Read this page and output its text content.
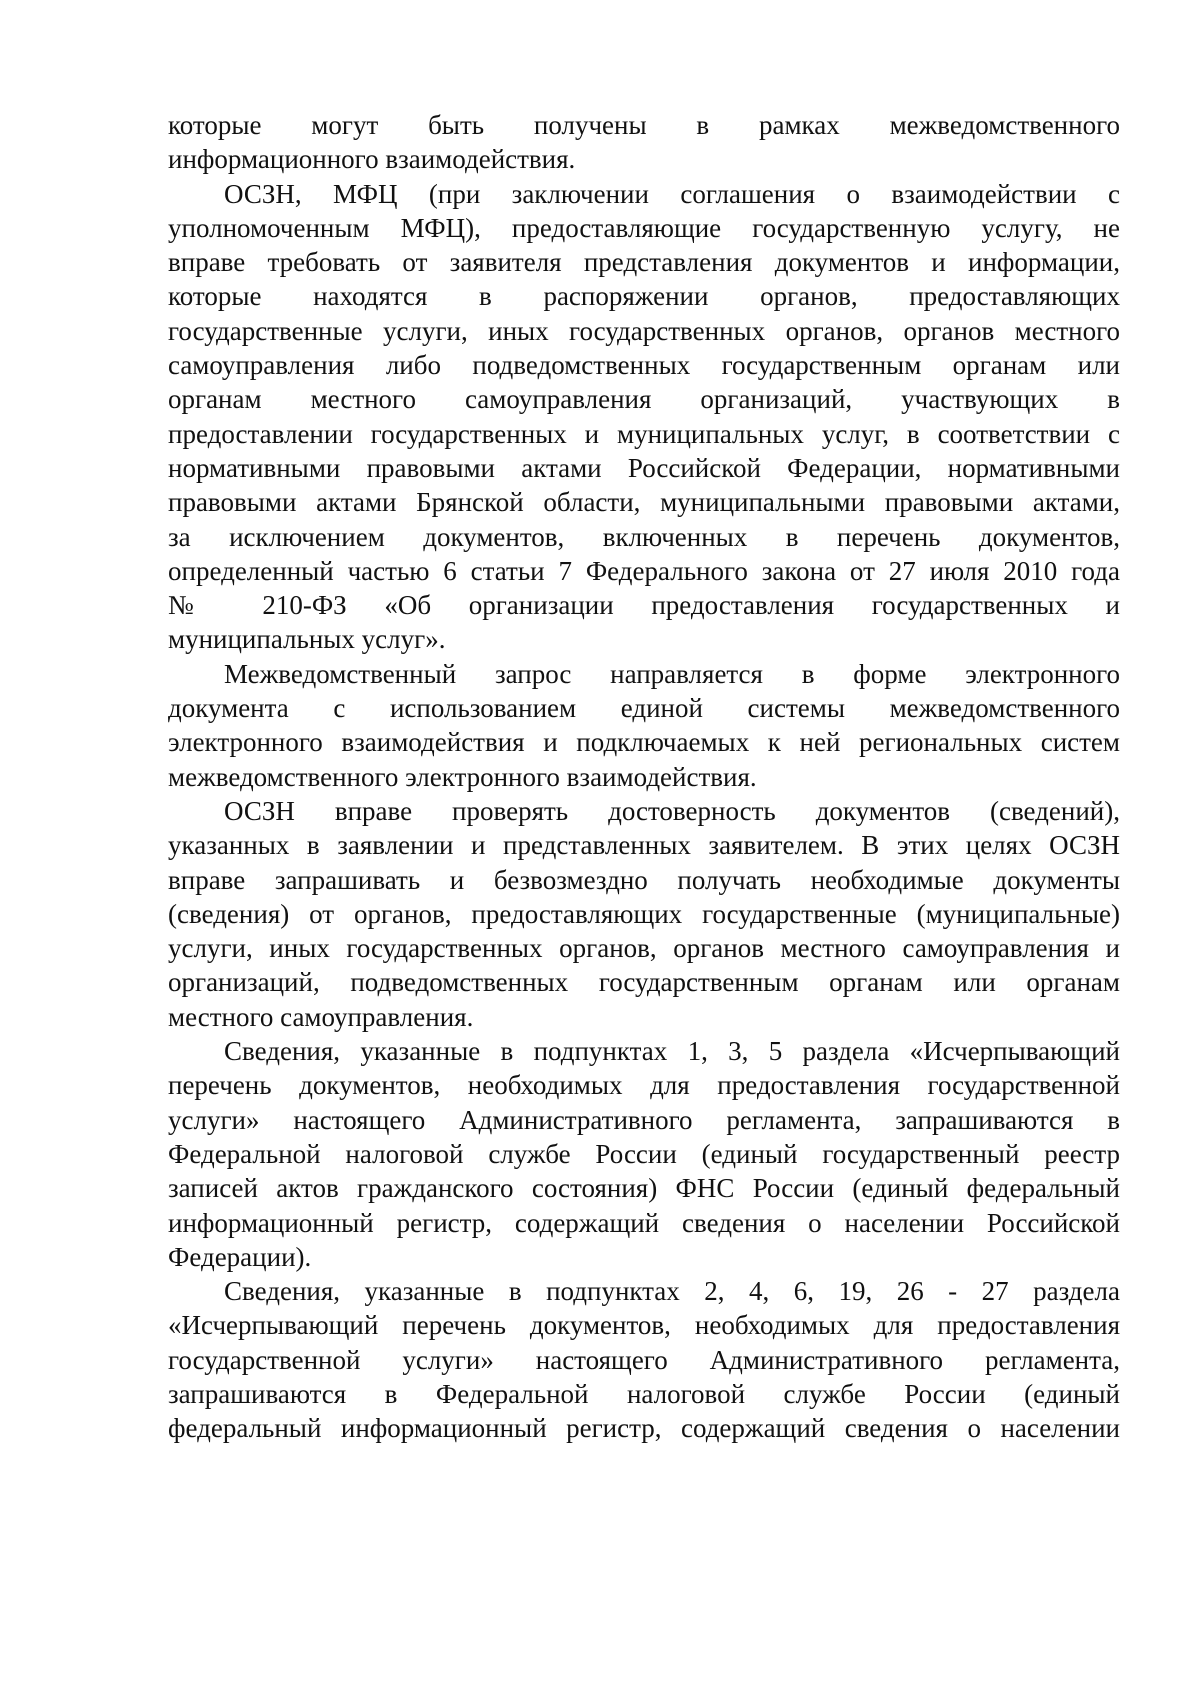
которые могут быть получены в рамках межведомственного
информационного взаимодействия.
ОСЗН, МФЦ (при заключении соглашения о взаимодействии с
уполномоченным МФЦ), предоставляющие государственную услугу, не
вправе требовать от заявителя представления документов и информации,
которые находятся в распоряжении органов, предоставляющих
государственные услуги, иных государственных органов, органов местного
самоуправления либо подведомственных государственным органам или
органам местного самоуправления организаций, участвующих в
предоставлении государственных и муниципальных услуг, в соответствии с
нормативными правовыми актами Российской Федерации, нормативными
правовыми актами Брянской области, муниципальными правовыми актами,
за исключением документов, включенных в перечень документов,
определенный частью 6 статьи 7 Федерального закона от 27 июля 2010 года
№ 210-ФЗ «Об организации предоставления государственных и
муниципальных услуг».
Межведомственный запрос направляется в форме электронного
документа с использованием единой системы межведомственного
электронного взаимодействия и подключаемых к ней региональных систем
межведомственного электронного взаимодействия.
ОСЗН вправе проверять достоверность документов (сведений),
указанных в заявлении и представленных заявителем. В этих целях ОСЗН
вправе запрашивать и безвозмездно получать необходимые документы
(сведения) от органов, предоставляющих государственные (муниципальные)
услуги, иных государственных органов, органов местного самоуправления и
организаций, подведомственных государственным органам или органам
местного самоуправления.
Сведения, указанные в подпунктах 1, 3, 5 раздела «Исчерпывающий
перечень документов, необходимых для предоставления государственной
услуги» настоящего Административного регламента, запрашиваются в
Федеральной налоговой службе России (единый государственный реестр
записей актов гражданского состояния) ФНС России (единый федеральный
информационный регистр, содержащий сведения о населении Российской
Федерации).
Сведения, указанные в подпунктах 2, 4, 6, 19, 26 - 27 раздела
«Исчерпывающий перечень документов, необходимых для предоставления
государственной услуги» настоящего Административного регламента,
запрашиваются в Федеральной налоговой службе России (единый
федеральный информационный регистр, содержащий сведения о населении
